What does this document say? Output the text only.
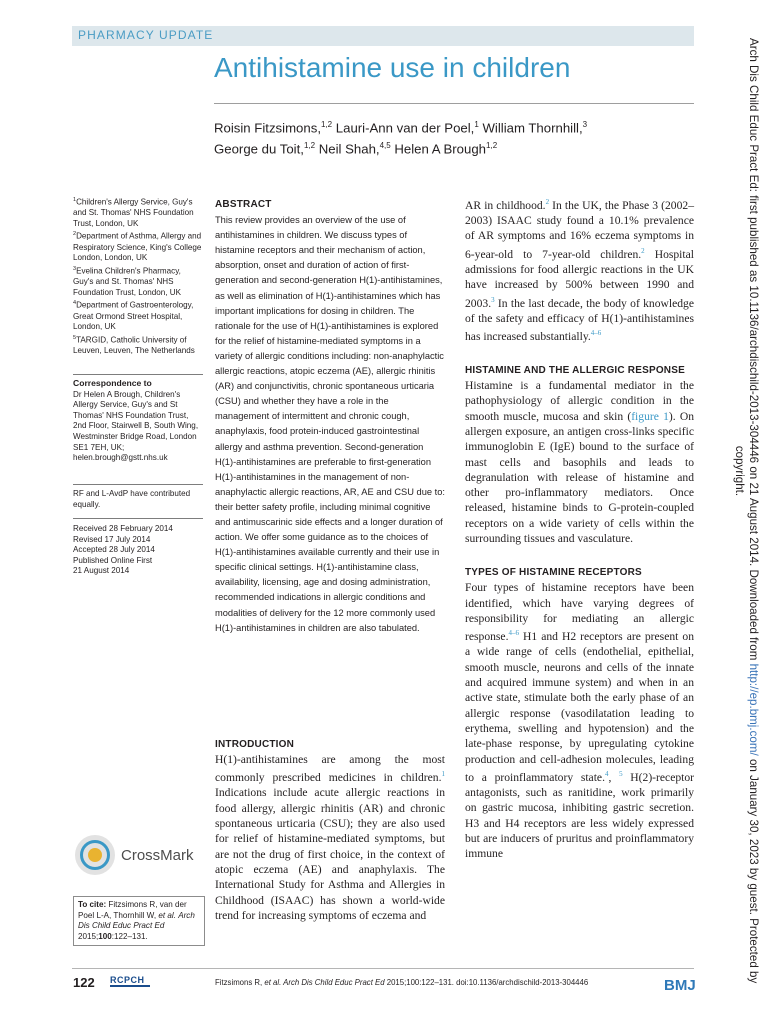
PHARMACY UPDATE
Antihistamine use in children
Roisin Fitzsimons,$^{1,2}$ Lauri-Ann van der Poel,$^1$ William Thornhill,$^3$
George du Toit,$^{1,2}$ Neil Shah,$^{4,5}$ Helen A Brough$^{1,2}$

$^1$Children's Allergy Service, Guy's and St. Thomas' NHS Foundation Trust, London, UK

$^2$Department of Asthma, Allergy and Respiratory Science, King's College London, London, UK

$^3$Evelina Children's Pharmacy, Guy's and St. Thomas' NHS Foundation Trust, London, UK

$^4$Department of Gastroenterology, Great Ormond Street Hospital, London, UK

$^5$TARGID, Catholic University of Leuven, Leuven, The Netherlands

Correspondence to

Dr Helen A Brough, Children's Allergy Service, Guy's and St Thomas' NHS Foundation Trust, 2nd Floor, Stairwell B, South Wing, Westminster Bridge Road, London SE1 7EH, UK; helen.brough@gstt.nhs.uk

RF and L-AvdP have contributed equally.

Received 28 February 2014

Revised 17 July 2014

Accepted 28 July 2014

Published Online First

21 August 2014

CrossMark
To cite: Fitzsimons R, van der Poel L-A, Thornhill W, et al. Arch Dis Child Educ Pract Ed 2015;100:122–131.
ABSTRACT

This review provides an overview of the use of antihistamines in children. We discuss types of histamine receptors and their mechanism of action, absorption, onset and duration of action of first-generation and second-generation H(1)-antihistamines, as well as elimination of H(1)-antihistamines which has important implications for dosing in children. The rationale for the use of H(1)-antihistamines is explored for the relief of histamine-mediated symptoms in a variety of allergic conditions including: non-anaphylactic allergic reactions, atopic eczema (AE), allergic rhinitis (AR) and conjunctivitis, chronic spontaneous urticaria (CSU) and whether they have a role in the management of intermittent and chronic cough, anaphylaxis, food protein-induced gastrointestinal allergy and asthma prevention. Second-generation H(1)-antihistamines are preferable to first-generation H(1)-antihistamines in the management of non-anaphylactic allergic reactions, AR, AE and CSU due to: their better safety profile, including minimal cognitive and antimuscarinic side effects and a longer duration of action. We offer some guidance as to the choices of H(1)-antihistamines available currently and their use in specific clinical settings. H(1)-antihistamine class, availability, licensing, age and dosing administration, recommended indications in allergic conditions and modalities of delivery for the 12 more commonly used H(1)-antihistamines in children are also tabulated.

INTRODUCTION

H(1)-antihistamines are among the most commonly prescribed medicines in children.$^1$ Indications include acute allergic reactions in food allergy, allergic rhinitis (AR) and chronic spontaneous urticaria (CSU); they are also used for relief of histamine-mediated symptoms, but are not the drug of first choice, in the context of atopic eczema (AE) and anaphylaxis. The International Study for Asthma and Allergies in Childhood (ISAAC) has shown a world-wide trend for increasing symptoms of eczema and

AR in childhood.$^2$ In the UK, the Phase 3 (2002–2003) ISAAC study found a 10.1% prevalence of AR symptoms and 16% eczema symptoms in 6-year-old to 7-year-old children.$^2$ Hospital admissions for food allergic reactions in the UK have increased by 500% between 1990 and 2003.$^3$ In the last decade, the body of knowledge of the safety and efficacy of H(1)-antihistamines has increased substantially.$^{4-6}$

HISTAMINE AND THE ALLERGIC RESPONSE

Histamine is a fundamental mediator in the pathophysiology of allergic condition in the smooth muscle, mucosa and skin (figure 1). On allergen exposure, an antigen cross-links specific immunoglobin E (IgE) bound to the surface of mast cells and basophils and leads to degranulation with release of histamine and other pro-inflammatory mediators. Once released, histamine binds to G-protein-coupled receptors on a wide variety of cells within the surrounding tissues and vasculature.

TYPES OF HISTAMINE RECEPTORS

Four types of histamine receptors have been identified, which have varying degrees of responsibility for mediating an allergic response.$^{4-6}$ H1 and H2 receptors are present on a wide range of cells (endothelial, epithelial, smooth muscle, neurons and cells of the innate and acquired immune system) and when in an active state, stimulate both the early phase of an allergic response (vasodilatation leading to erythema, swelling and hypotension) and the late-phase response, by upregulating cytokine production and cell-adhesion molecules, leading to a proinflammatory state.$^4$, $^5$ H(2)-receptor antagonists, such as ranitidine, work primarily on gastric mucosa, inhibiting gastric secretion. H3 and H4 receptors are less widely expressed but are inducers of pruritus and proinflammatory immune

122 RCPCH	Fitzsimons R, et al. Arch Dis Child Educ Pract Ed 2015;100:122–131. doi:10.1136/archdischild-2013-304446	BMJ
Arch Dis Child Educ Pract Ed: first published as 10.1136/archdischild-2013-304446 on 21 August 2014. Downloaded from http://ep.bmj.com/ on January 30, 2023 by guest. Protected by
copyright.
